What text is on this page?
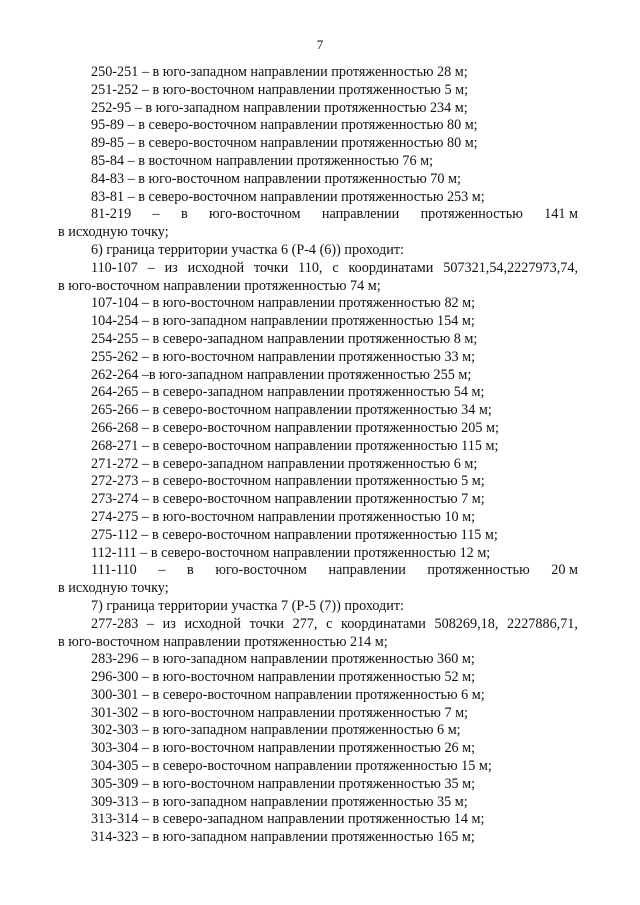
7
250-251 – в юго-западном направлении протяженностью 28 м;
251-252 – в юго-восточном направлении протяженностью 5 м;
252-95 – в юго-западном направлении протяженностью 234 м;
95-89 – в северо-восточном направлении протяженностью 80 м;
89-85 – в северо-восточном направлении протяженностью 80 м;
85-84 – в восточном направлении протяженностью 76 м;
84-83 – в юго-восточном направлении протяженностью 70 м;
83-81 – в северо-восточном направлении протяженностью 253 м;
81-219 – в юго-восточном направлении протяженностью 141 м
в исходную точку;
6) граница территории участка 6 (Р-4 (6)) проходит:
110-107 – из исходной точки 110, с координатами 507321,54,2227973,74,
в юго-восточном направлении протяженностью 74 м;
107-104 – в юго-восточном направлении протяженностью 82 м;
104-254 – в юго-западном направлении протяженностью 154 м;
254-255 – в северо-западном направлении протяженностью 8 м;
255-262 – в юго-восточном направлении протяженностью 33 м;
262-264 –в юго-западном направлении протяженностью 255 м;
264-265 – в северо-западном направлении протяженностью 54 м;
265-266 – в северо-восточном направлении протяженностью 34 м;
266-268 – в северо-восточном направлении протяженностью 205 м;
268-271 – в северо-восточном направлении протяженностью 115 м;
271-272 – в северо-западном направлении протяженностью 6 м;
272-273 – в северо-восточном направлении протяженностью 5 м;
273-274 – в северо-восточном направлении протяженностью 7 м;
274-275 – в юго-восточном направлении протяженностью 10 м;
275-112 – в северо-восточном направлении протяженностью 115 м;
112-111 – в северо-восточном направлении протяженностью 12 м;
111-110 – в юго-восточном направлении протяженностью 20 м
в исходную точку;
7) граница территории участка 7 (Р-5 (7)) проходит:
277-283 – из исходной точки 277, с координатами 508269,18, 2227886,71,
в юго-восточном направлении протяженностью 214 м;
283-296 – в юго-западном направлении протяженностью 360 м;
296-300 – в юго-восточном направлении протяженностью 52 м;
300-301 – в северо-восточном направлении протяженностью 6 м;
301-302 – в юго-восточном направлении протяженностью 7 м;
302-303 – в юго-западном направлении протяженностью 6 м;
303-304 – в юго-восточном направлении протяженностью 26 м;
304-305 – в северо-восточном направлении протяженностью 15 м;
305-309 – в юго-восточном направлении протяженностью 35 м;
309-313 – в юго-западном направлении протяженностью 35 м;
313-314 – в северо-западном направлении протяженностью 14 м;
314-323 – в юго-западном направлении протяженностью 165 м;
